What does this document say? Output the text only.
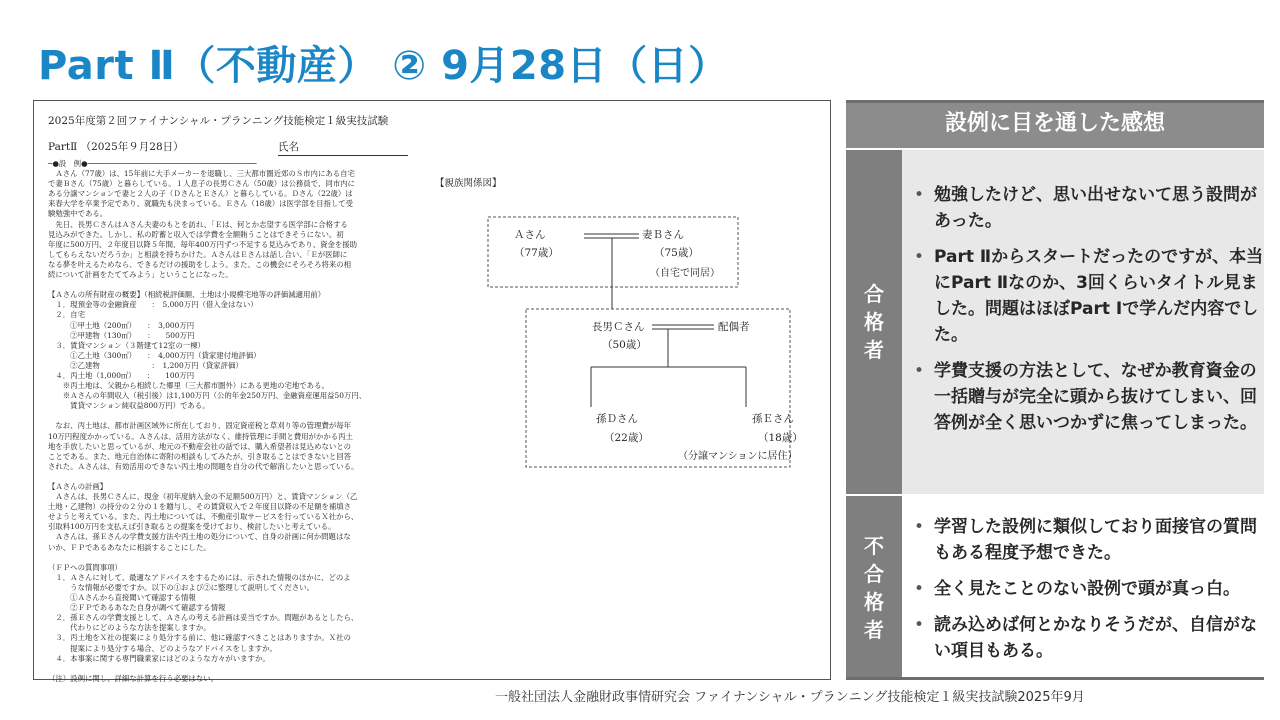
Part Ⅱ（不動産） ② 9月28日（日）
2025年度第２回ファイナンシャル・プランニング技能検定１級実技試験
PartⅡ （2025年９月28日）	氏名
─●設　例●──────────────────────────────────────
　Ａさん（77歳）は、15年前に大手メーカーを退職し、三大都市圏近郊のＳ市内にある自宅
で妻Ｂさん（75歳）と暮らしている。１人息子の長男Ｃさん（50歳）は公務員で、同市内に
ある分譲マンションで妻と２人の子（ＤさんとＥさん）と暮らしている。Ｄさん（22歳）は
来春大学を卒業予定であり、就職先も決まっている。Ｅさん（18歳）は医学部を目指して受
験勉強中である。
　先日、長男ＣさんはＡさん夫妻のもとを訪れ、「Ｅは、何とか志望する医学部に合格する
見込みができた。しかし、私の貯蓄と収入では学費を全額賄うことはできそうにない。初
年度に500万円、２年度目以降５年間、毎年400万円ずつ不足する見込みであり、資金を援助
してもらえないだろうか」と相談を持ちかけた。ＡさんはＥさんは話し合い、「Ｅが医師に
なる夢を叶えるためなら、できるだけの援助をしよう。また、この機会にそろそろ将来の相
続について計画をたててみよう」ということになった。

【Ａさんの所有財産の概要】（相続税評価額、土地は小規模宅地等の評価減適用前）
　１．現預金等の金融資産　　：　5,000万円（借入金はない）
　２．自宅
　　　①甲土地（200㎡）　　：　3,000万円
　　　②甲建物（130㎡）　　：　　500万円
　３．賃貸マンション（３階建て12室の一棟）
　　　①乙土地（300㎡）　　：　4,000万円（貸家建付地評価）
　　　②乙建物　　　　　　　：　1,200万円（貸家評価）
　４．丙土地（1,000㎡）　　：　　100万円
　　※丙土地は、父親から相続した郷里（三大都市圏外）にある更地の宅地である。
　　※Ａさんの年間収入（税引後）は1,100万円（公的年金250万円、金融資産運用益50万円、
　　　賃貸マンション純収益800万円）である。

　なお、丙土地は、都市計画区域外に所在しており、固定資産税と草刈り等の管理費が毎年
10万円程度かかっている。Ａさんは、活用方法がなく、維持管理に手間と費用がかかる丙土
地を手放したいと思っているが、地元の不動産会社の話では、購入希望者は見込めないとの
ことである。また、地元自治体に寄附の相談もしてみたが、引き取ることはできないと回答
された。Ａさんは、有効活用のできない丙土地の問題を自分の代で解消したいと思っている。

【Ａさんの計画】
　Ａさんは、長男Ｃさんに、現金（初年度納入金の不足額500万円）と、賃貸マンション（乙
土地・乙建物）の持分の２分の１を贈与し、その賃貸収入で２年度目以降の不足額を補填さ
せようと考えている。また、丙土地については、不動産引取サービスを行っているＸ社から、
引取料100万円を支払えば引き取るとの提案を受けており、検討したいと考えている。
　Ａさんは、孫Ｅさんの学費支援方法や丙土地の処分について、自身の計画に何か問題はな
いか、ＦＰであるあなたに相談することにした。

（ＦＰへの質問事項）
　１．Ａさんに対して、最適なアドバイスをするためには、示された情報のほかに、どのよ
　　　うな情報が必要ですか。以下の①および②に整理して説明してください。
　　　①Ａさんから直接聞いて確認する情報
　　　②ＦＰであるあなた自身が調べて確認する情報
　２．孫Ｅさんの学費支援として、Ａさんの考える計画は妥当ですか。問題があるとしたら、
　　　代わりにどのような方法を提案しますか。
　３．丙土地をＸ社の提案により処分する前に、他に確認すべきことはありますか。Ｘ社の
　　　提案により処分する場合、どのようなアドバイスをしますか。
　４．本事案に関する専門職業家にはどのような方々がいますか。

（注）設例に関し、詳細な計算を行う必要はない。
【親族関係図】
Ａさん
（77歳）
妻Ｂさん
（75歳）
（自宅で同居）
長男Ｃさん
（50歳）
配偶者
孫Ｄさん
（22歳）
孫Ｅさん
（18歳）
（分譲マンションに居住）
設例に目を通した感想
合
格
者
• 勉強したけど、思い出せないて思う設問があった。
• Part Ⅱからスタートだったのですが、本当にPart Ⅱなのか、3回くらいタイトル見ました。問題はほぼPart Ⅰで学んだ内容でした。
• 学費支援の方法として、なぜか教育資金の一括贈与が完全に頭から抜けてしまい、回答例が全く思いつかずに焦ってしまった。
不
合
格
者
• 学習した設例に類似しており面接官の質問もある程度予想できた。
• 全く見たことのない設例で頭が真っ白。
• 読み込めば何とかなりそうだが、自信がない項目もある。
一般社団法人金融財政事情研究会 ファイナンシャル・プランニング技能検定１級実技試験2025年9月
